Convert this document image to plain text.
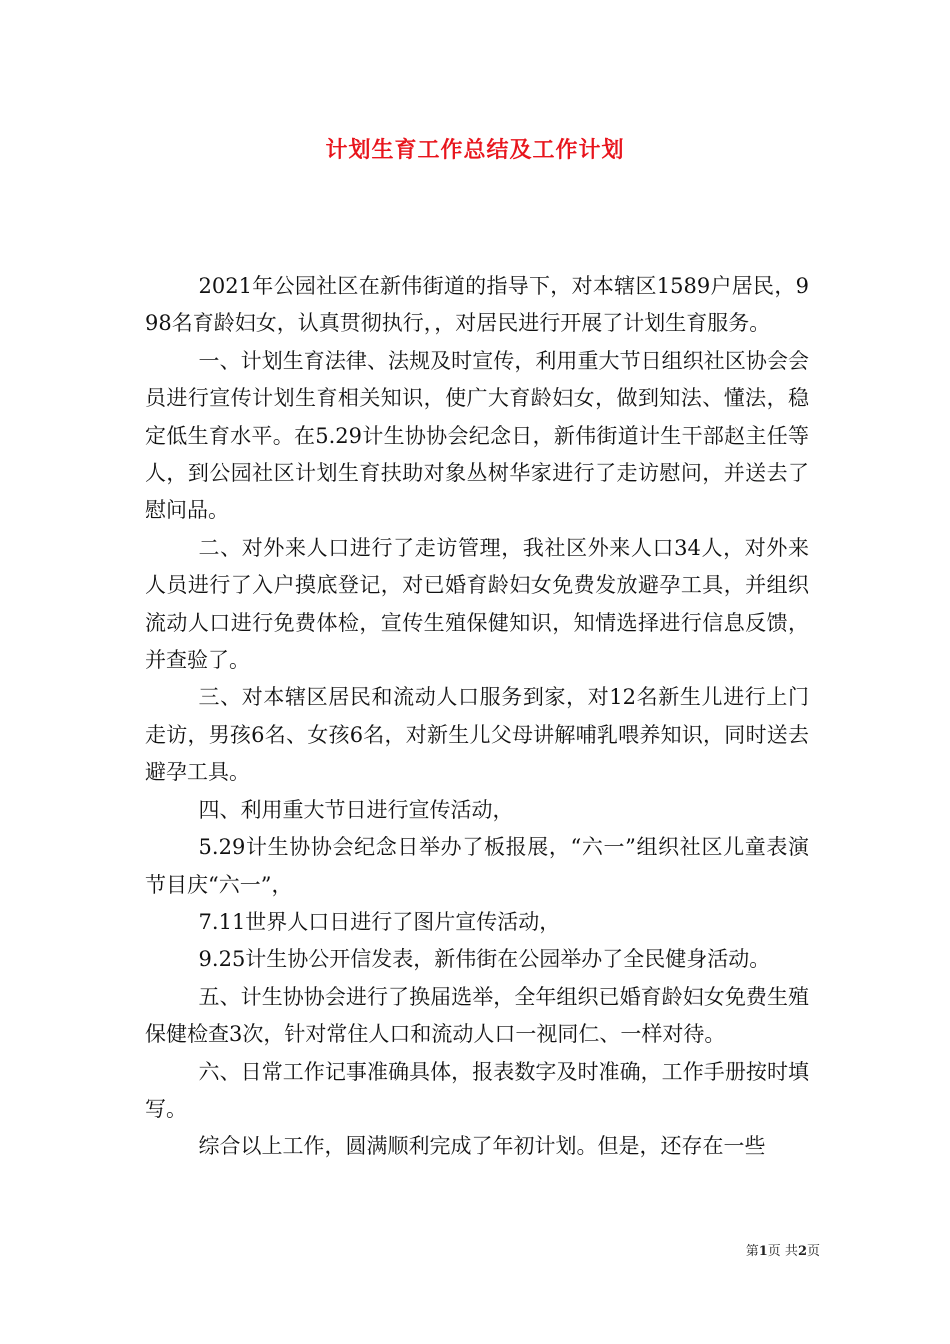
计划生育工作总结及工作计划

2021年公园社区在新伟街道的指导下，对本辖区1589户居民，998名育龄妇女，认真贯彻执行，，对居民进行开展了计划生育服务。

一、计划生育法律、法规及时宣传，利用重大节日组织社区协会会员进行宣传计划生育相关知识，使广大育龄妇女，做到知法、懂法，稳定低生育水平。在5.29计生协协会纪念日，新伟街道计生干部赵主任等人，到公园社区计划生育扶助对象丛树华家进行了走访慰问，并送去了慰问品。

二、对外来人口进行了走访管理，我社区外来人口34人，对外来人员进行了入户摸底登记，对已婚育龄妇女免费发放避孕工具，并组织流动人口进行免费体检，宣传生殖保健知识，知情选择进行信息反馈，并查验了。

三、对本辖区居民和流动人口服务到家，对12名新生儿进行上门走访，男孩6名、女孩6名，对新生儿父母讲解哺乳喂养知识，同时送去避孕工具。

四、利用重大节日进行宣传活动，

5.29计生协协会纪念日举办了板报展，“六一”组织社区儿童表演节目庆“六一”，

7.11世界人口日进行了图片宣传活动，

9.25计生协公开信发表，新伟街在公园举办了全民健身活动。

五、计生协协会进行了换届选举，全年组织已婚育龄妇女免费生殖保健检查3次，针对常住人口和流动人口一视同仁、一样对待。

六、日常工作记事准确具体，报表数字及时准确，工作手册按时填写。

综合以上工作，圆满顺利完成了年初计划。但是，还存在一些

第1页 共2页
